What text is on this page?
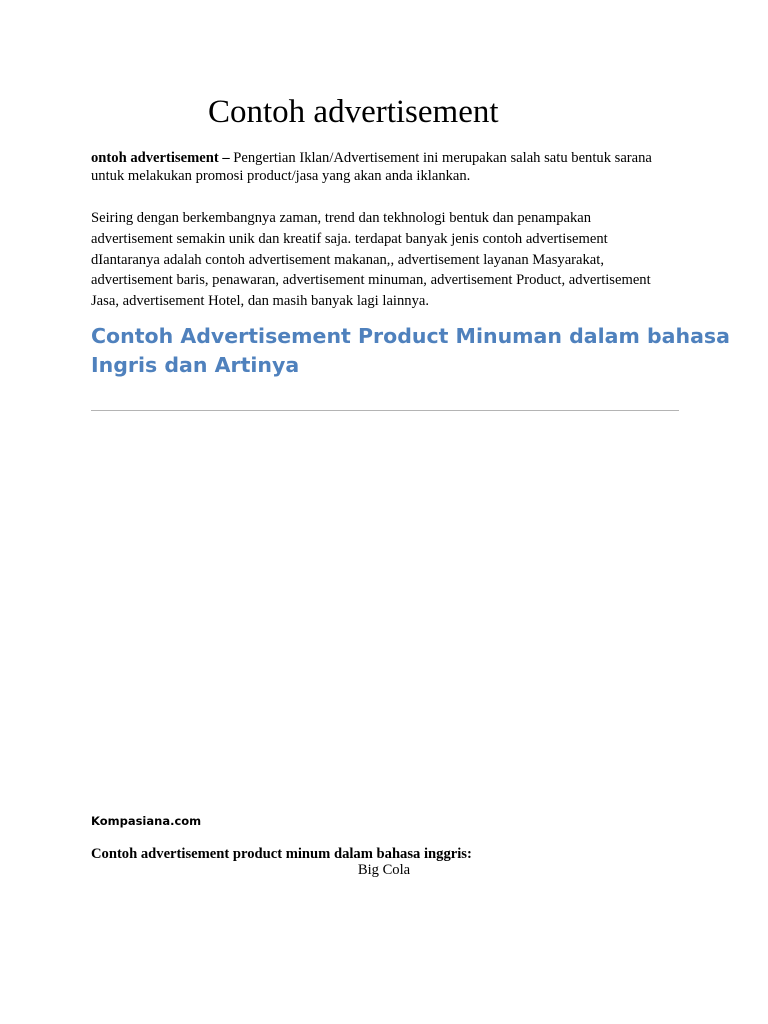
Contoh advertisement

ontoh advertisement – Pengertian Iklan/Advertisement ini merupakan salah satu bentuk sarana
untuk melakukan promosi product/jasa yang akan anda iklankan.

Seiring dengan berkembangnya zaman, trend dan tekhnologi bentuk dan penampakan
advertisement semakin unik dan kreatif saja. terdapat banyak jenis contoh advertisement
dIantaranya adalah contoh advertisement makanan,, advertisement layanan Masyarakat,
advertisement baris, penawaran, advertisement minuman, advertisement Product, advertisement
Jasa, advertisement Hotel, dan masih banyak lagi lainnya.

Contoh Advertisement Product Minuman dalam bahasa
Ingris dan Artinya

Kompasiana.com

Contoh advertisement product minum dalam bahasa inggris:

Big Cola
